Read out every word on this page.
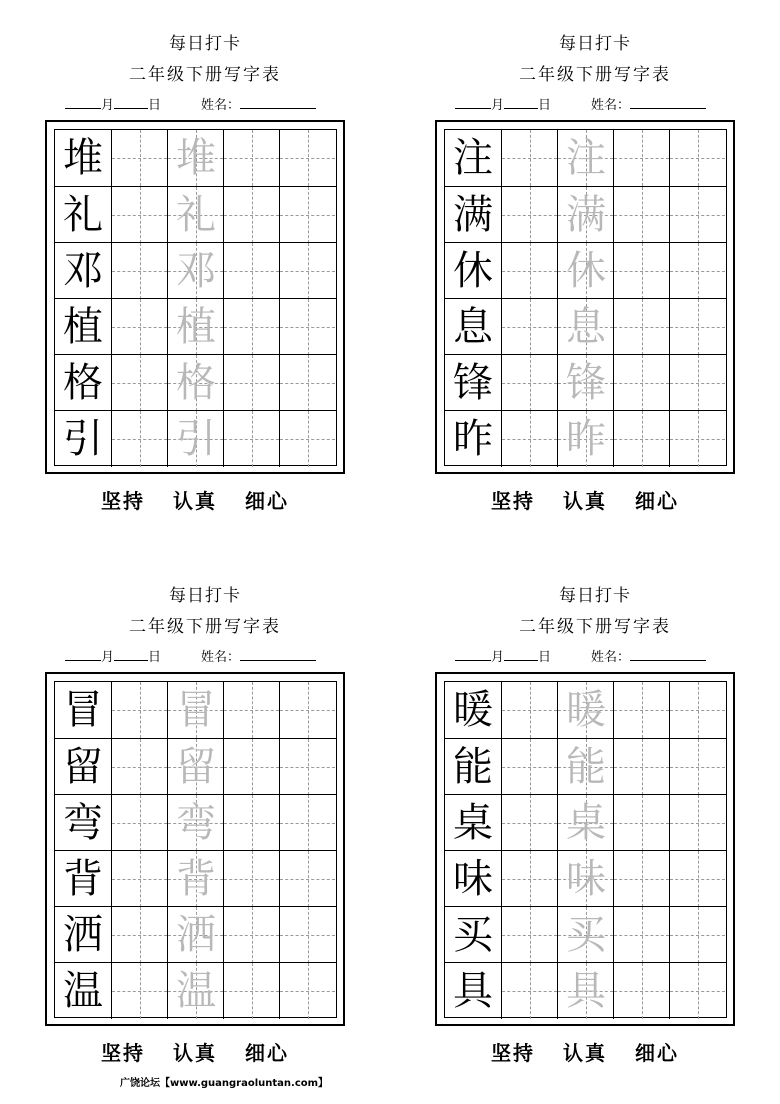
每日打卡
二年级下册写字表
月	日	姓名：
堆 堆
礼 礼
邓 邓
植 植
格 格
引 引
坚持 认真 细心
每日打卡
二年级下册写字表
月	日	姓名：
注 注
满 满
休 休
息 息
锋 锋
昨 昨
坚持 认真 细心
每日打卡
二年级下册写字表
月	日	姓名：
冒 冒
留 留
弯 弯
背 背
洒 洒
温 温
坚持 认真 细心
每日打卡
二年级下册写字表
月	日	姓名：
暖 暖
能 能
桌 桌
味 味
买 买
具 具
坚持 认真 细心
广饶论坛【www.guangraoluntan.com】
